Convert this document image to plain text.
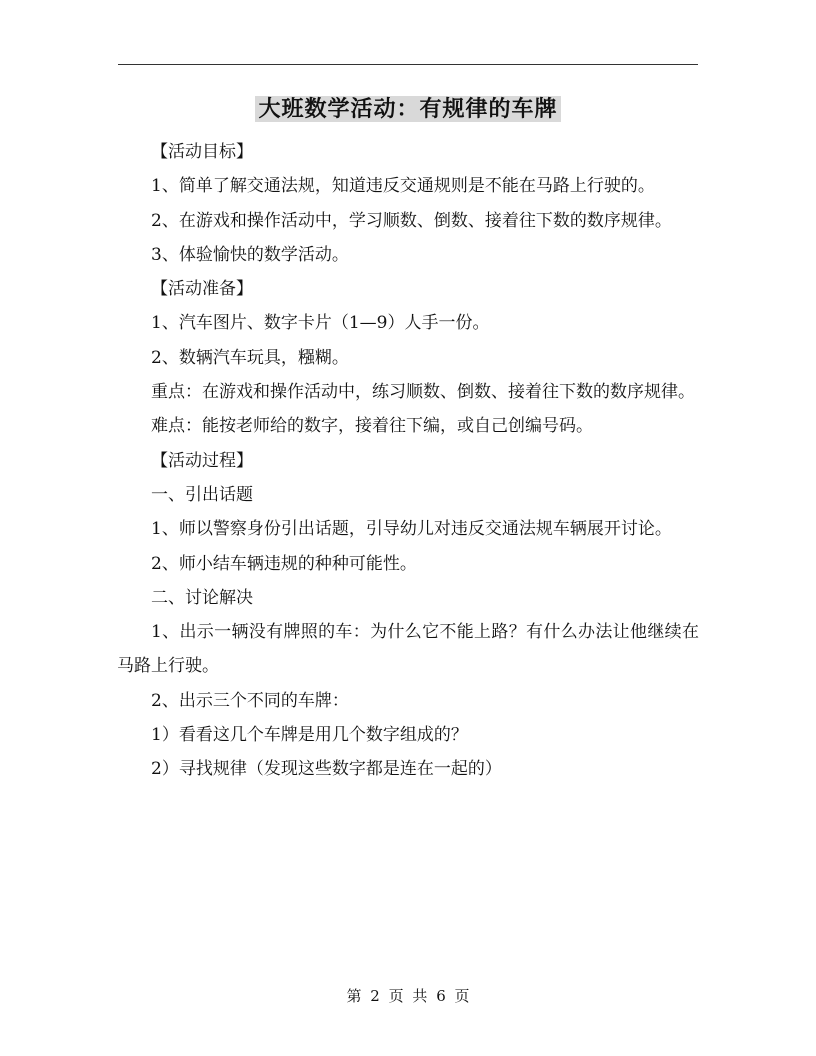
大班数学活动：有规律的车牌

【活动目标】

1、简单了解交通法规，知道违反交通规则是不能在马路上行驶的。

2、在游戏和操作活动中，学习顺数、倒数、接着往下数的数序规律。

3、体验愉快的数学活动。

【活动准备】

1、汽车图片、数字卡片（1—9）人手一份。

2、数辆汽车玩具，糨糊。

重点：在游戏和操作活动中，练习顺数、倒数、接着往下数的数序规律。

难点：能按老师给的数字，接着往下编，或自己创编号码。

【活动过程】

一、引出话题

1、师以警察身份引出话题，引导幼儿对违反交通法规车辆展开讨论。

2、师小结车辆违规的种种可能性。

二、讨论解决

1、出示一辆没有牌照的车：为什么它不能上路？有什么办法让他继续在马路上行驶。

2、出示三个不同的车牌：

1）看看这几个车牌是用几个数字组成的？

2）寻找规律（发现这些数字都是连在一起的）

第 2 页 共 6 页
